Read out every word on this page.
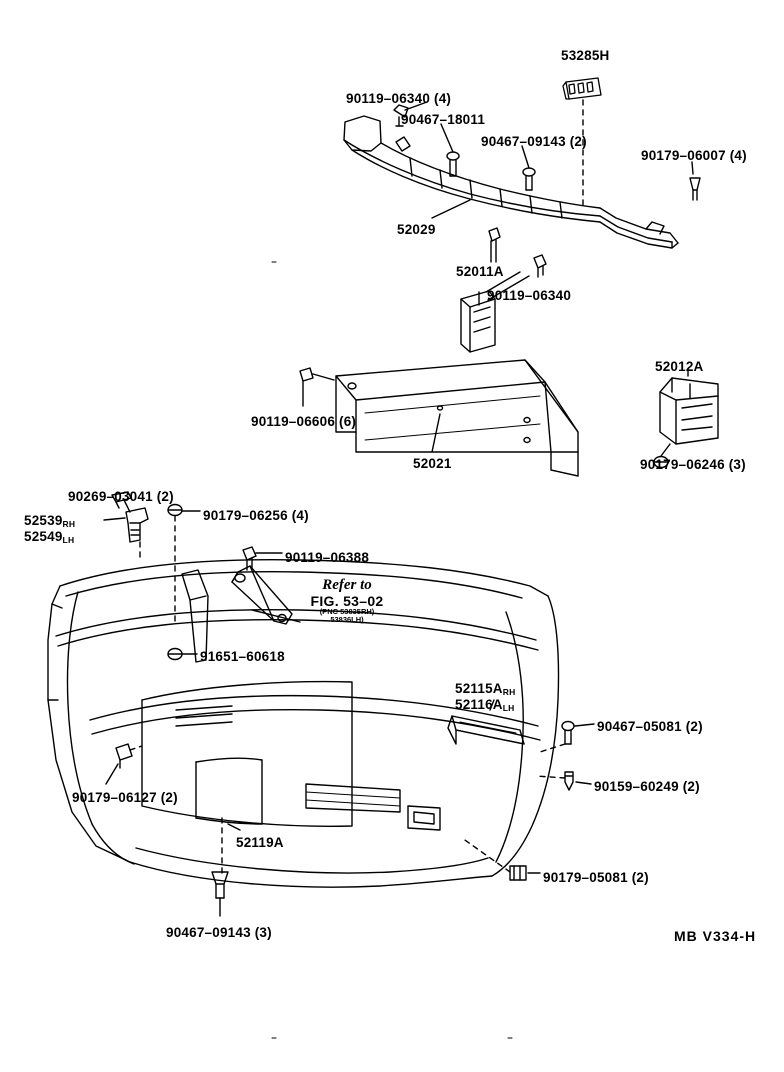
53285H
90119–06340 (4)
90467–18011
90467–09143 (2)
90179–06007 (4)
52029
52011A
90119–06340
52012A
90119–06606 (6)
52021	90179–06246 (3)
90269–03041 (2)
90179–06256 (4)
90119–06388
91651–60618
90467–05081 (2)
90159–60249 (2)
90179–06127 (2)
52119A
90179–05081 (2)
90467–09143 (3)
52539RH
52549LH
52115ARH
52116ALH
Refer to
FIG. 53–02
(PNC 53835RH)
53836LH)
MB V334-H
